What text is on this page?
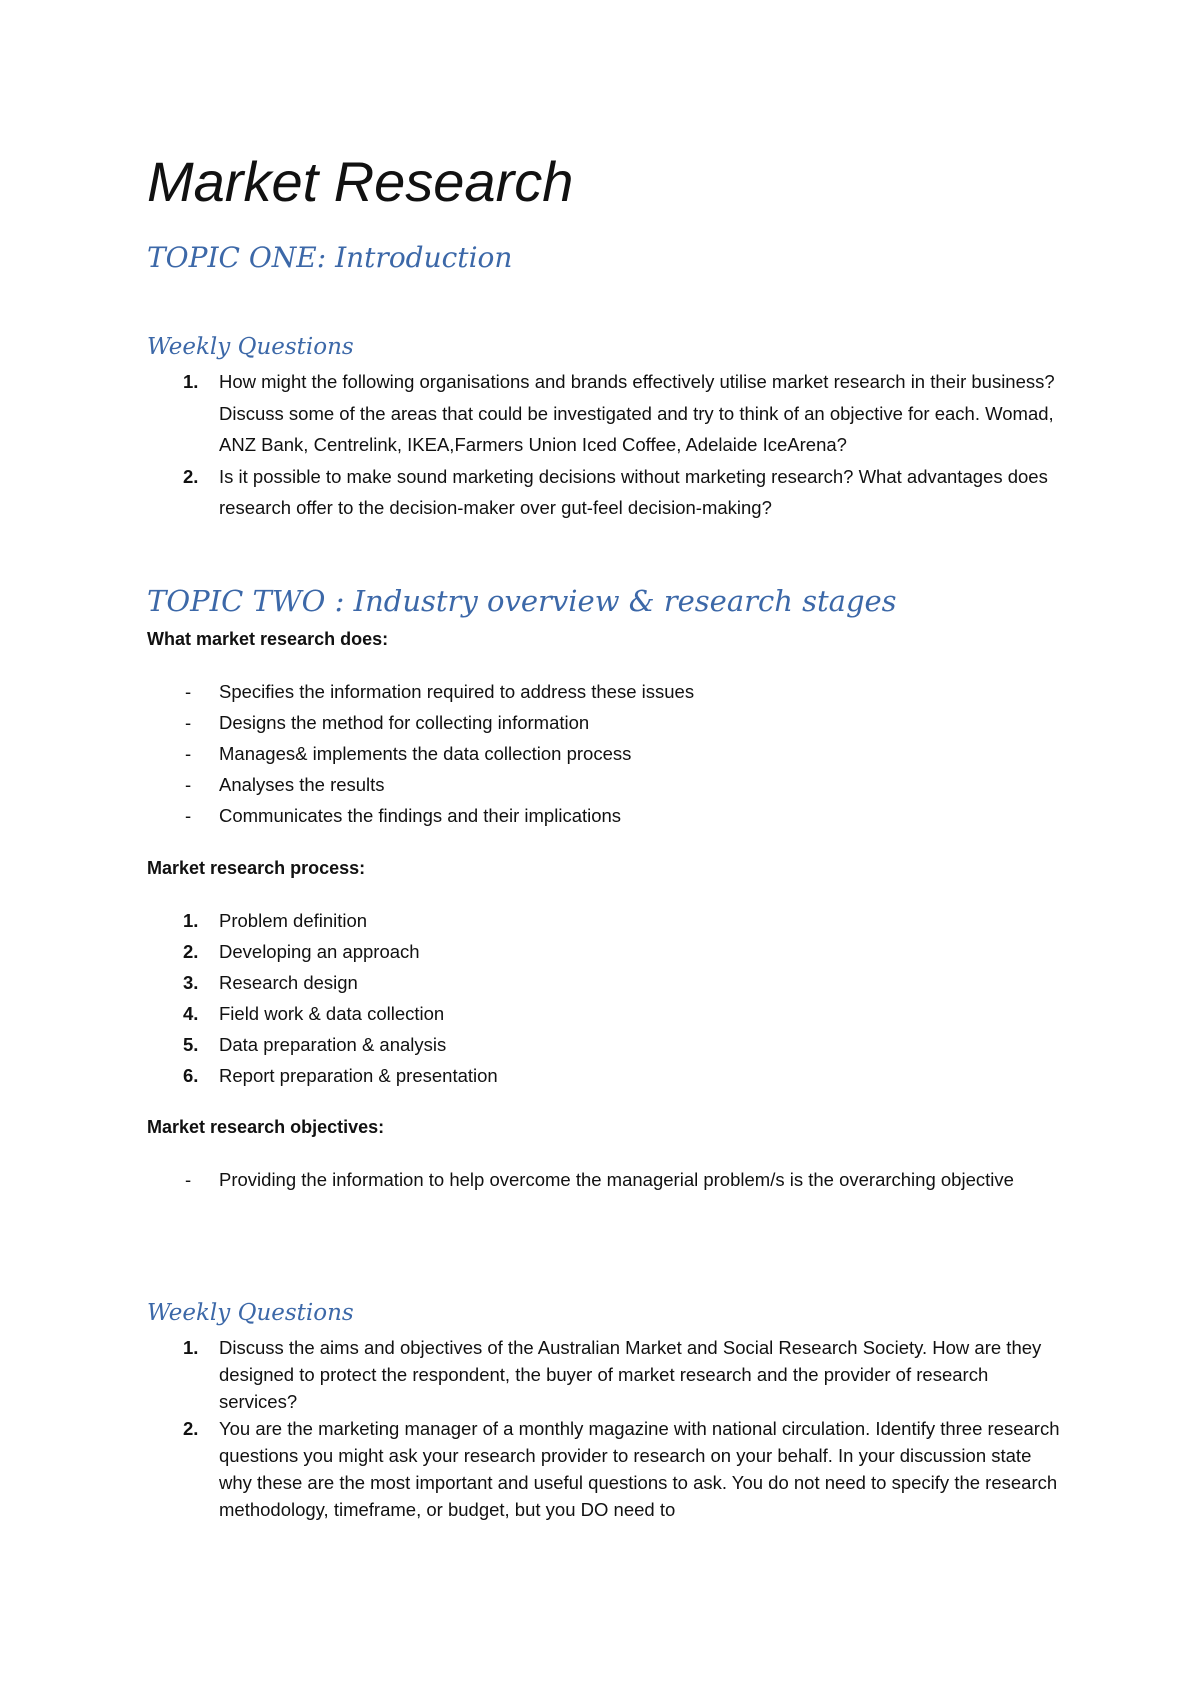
Market Research
TOPIC ONE: Introduction
Weekly Questions
1. How might the following organisations and brands effectively utilise market research in their business? Discuss some of the areas that could be investigated and try to think of an objective for each. Womad, ANZ Bank, Centrelink, IKEA,Farmers Union Iced Coffee, Adelaide IceArena?
2. Is it possible to make sound marketing decisions without marketing research? What advantages does research offer to the decision-maker over gut-feel decision-making?
TOPIC TWO : Industry overview & research stages

What market research does:

- Specifies the information required to address these issues
- Designs the method for collecting information
- Manages& implements the data collection process
- Analyses the results
- Communicates the findings and their implications

Market research process:

1. Problem definition
2. Developing an approach
3. Research design
4. Field work & data collection
5. Data preparation & analysis
6. Report preparation & presentation

Market research objectives:

- Providing the information to help overcome the managerial problem/s is the overarching objective
Weekly Questions
1. Discuss the aims and objectives of the Australian Market and Social Research Society. How are they designed to protect the respondent, the buyer of market research and the provider of research services?
2. You are the marketing manager of a monthly magazine with national circulation. Identify three research questions you might ask your research provider to research on your behalf. In your discussion state why these are the most important and useful questions to ask. You do not need to specify the research methodology, timeframe, or budget, but you DO need to
